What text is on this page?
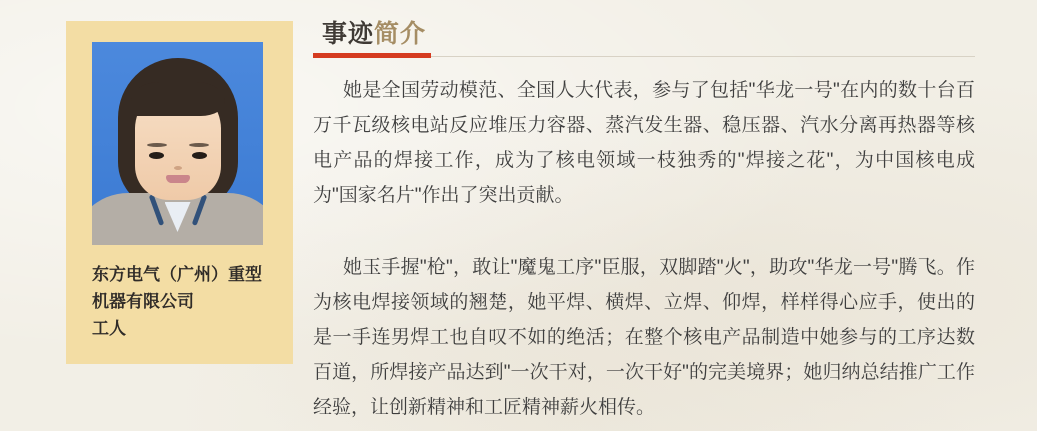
东方电气（广州）重型机器有限公司
工人
事迹简介

她是全国劳动模范、全国人大代表，参与了包括"华龙一号"在内的数十台百万千瓦级核电站反应堆压力容器、蒸汽发生器、稳压器、汽水分离再热器等核电产品的焊接工作，成为了核电领域一枝独秀的"焊接之花"，为中国核电成为"国家名片"作出了突出贡献。

她玉手握"枪"，敢让"魔鬼工序"臣服，双脚踏"火"，助攻"华龙一号"腾飞。作为核电焊接领域的翘楚，她平焊、横焊、立焊、仰焊，样样得心应手，使出的是一手连男焊工也自叹不如的绝活；在整个核电产品制造中她参与的工序达数百道，所焊接产品达到"一次干对，一次干好"的完美境界；她归纳总结推广工作经验，让创新精神和工匠精神薪火相传。
